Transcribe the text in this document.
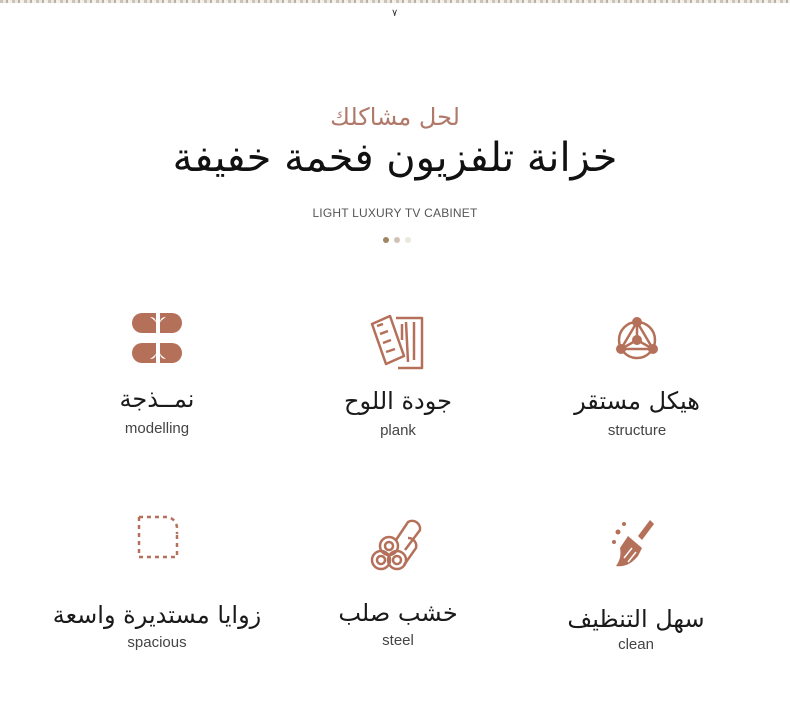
٧
لحل مشاكلك
خزانة تلفزيون فخمة خفيفة
LIGHT LUXURY TV CABINET
نمــذجة
modelling
جودة اللوح
plank
هيكل مستقر
structure
زوايا مستديرة واسعة
spacious
خشب صلب
steel
سهل التنظيف
clean
